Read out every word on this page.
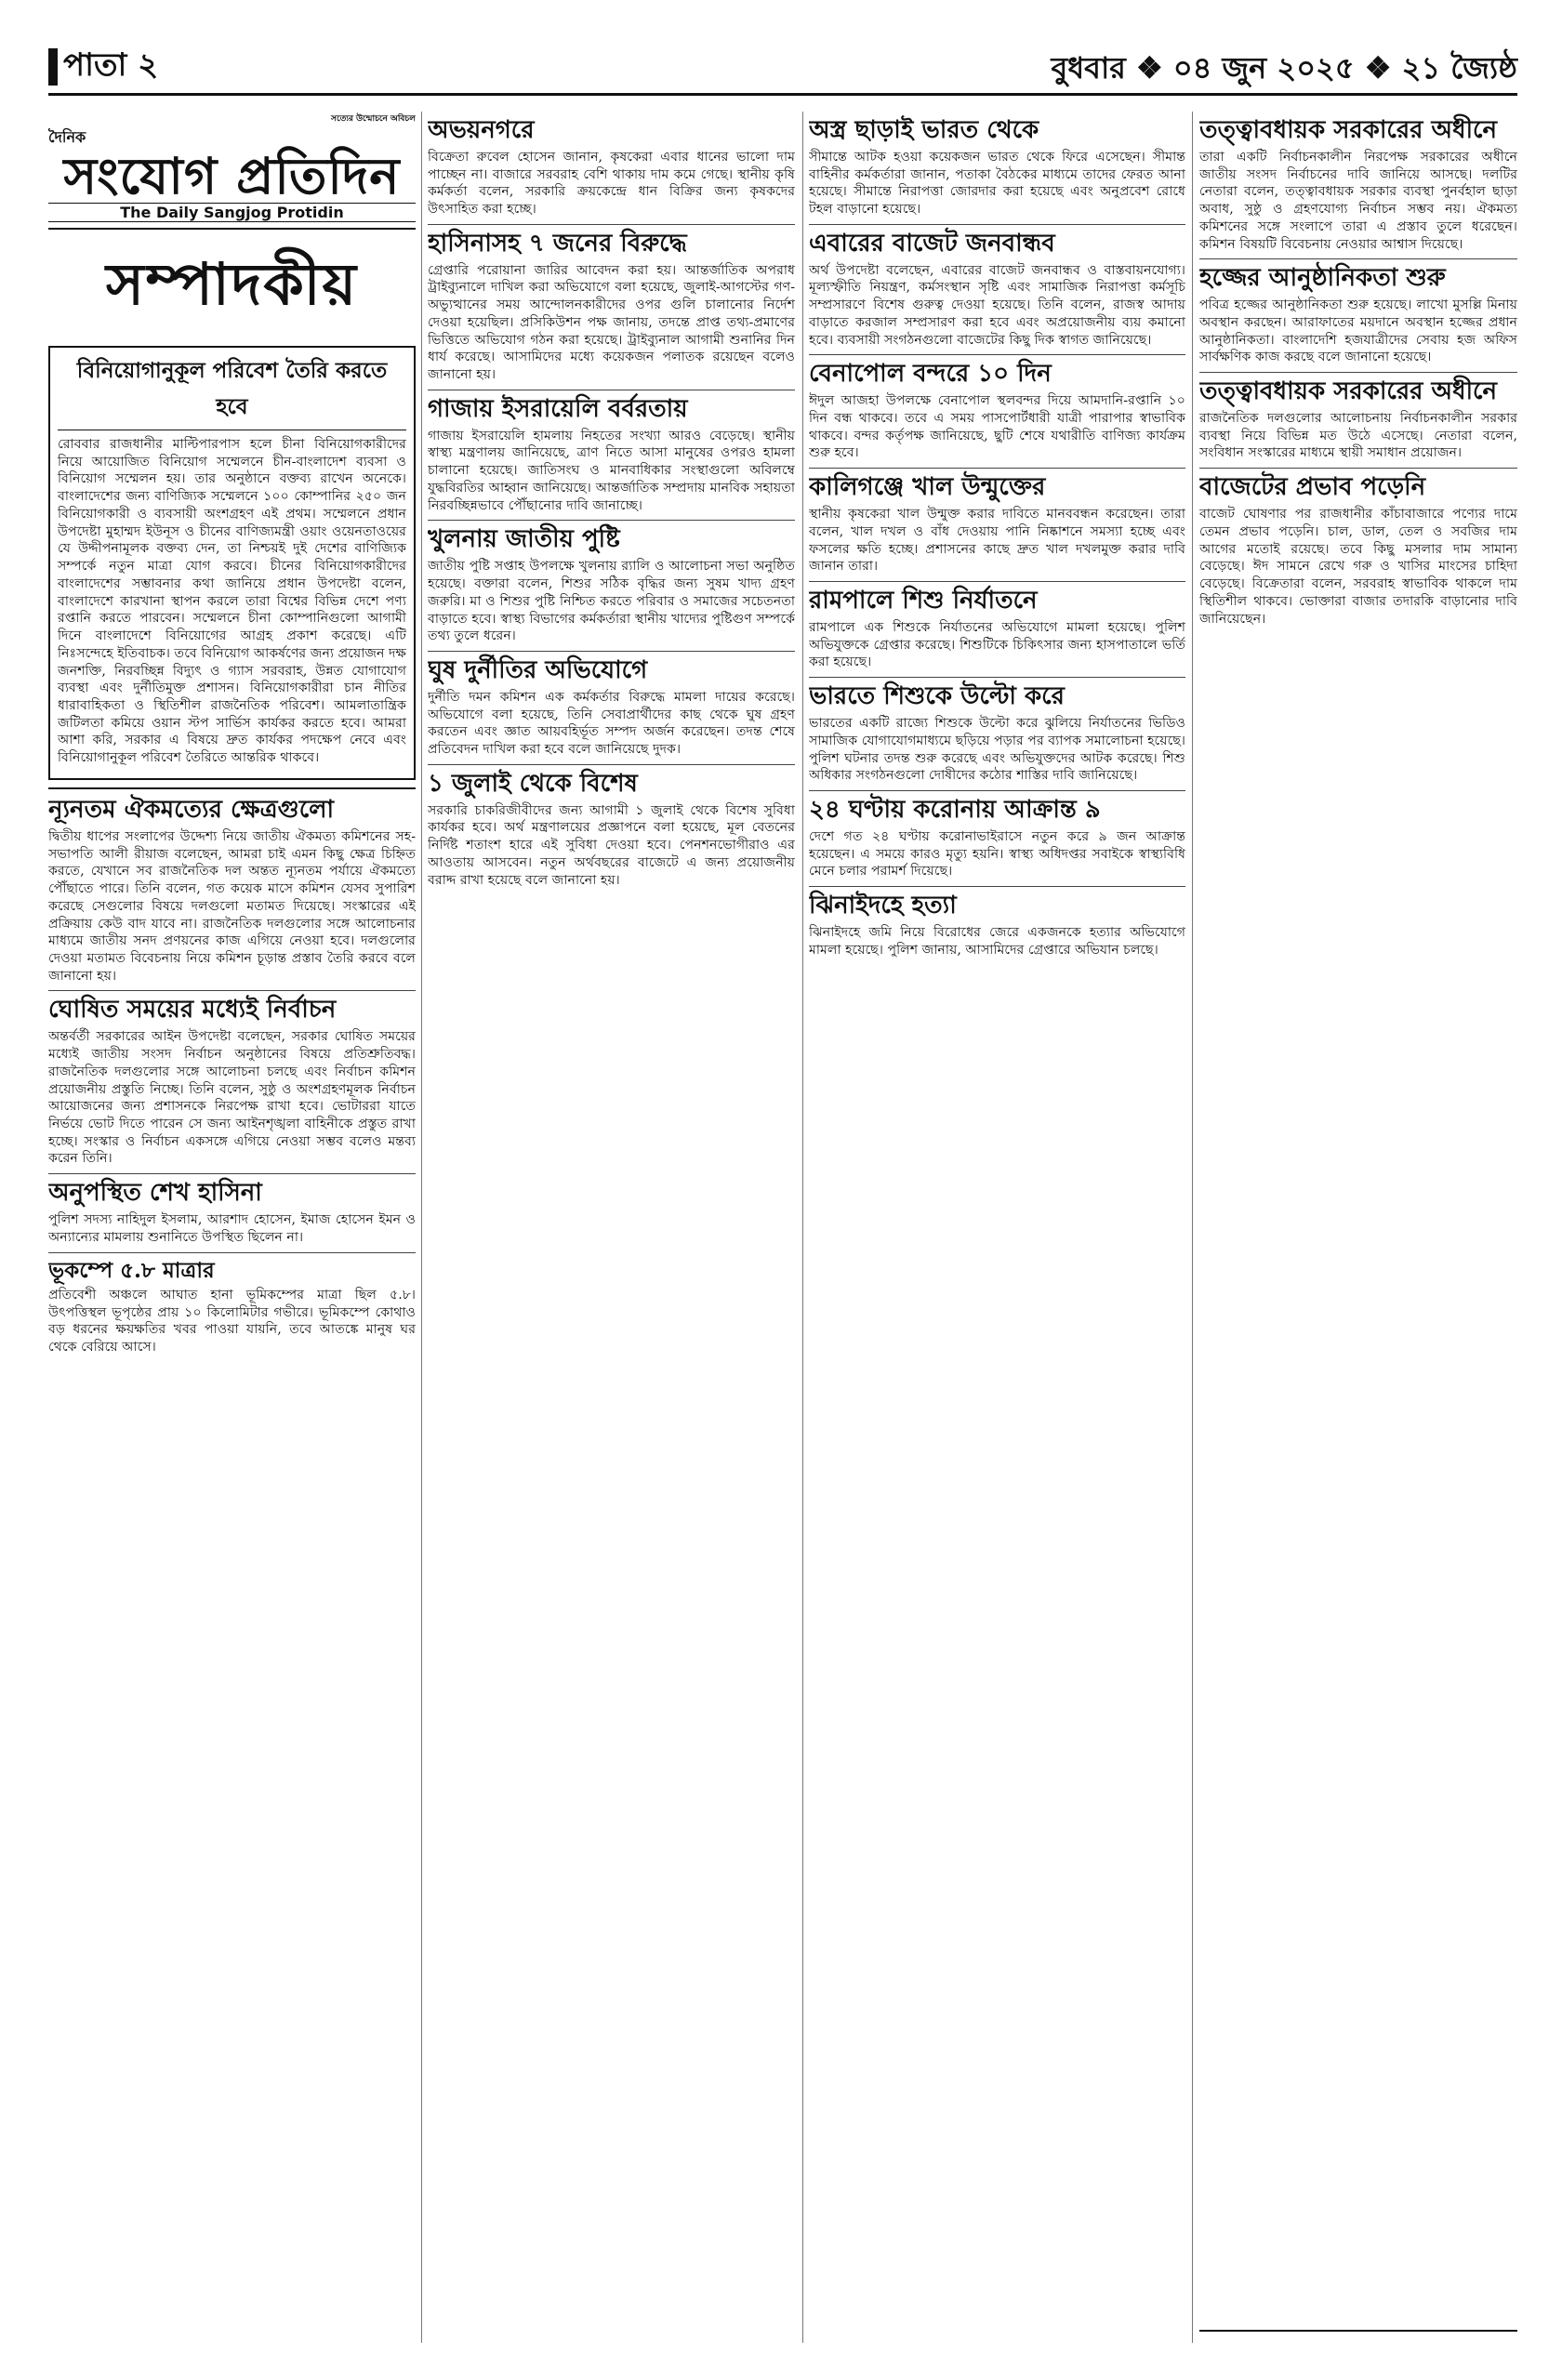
পাতা ২	বুধবার ❖ ০৪ জুন ২০২৫ ❖ ২১ জ্যৈষ্ঠ
সত্যের উন্মোচনে অবিচল
দৈনিক
সংযোগ প্রতিদিন
The Daily Sangjog Protidin
সম্পাদকীয়
বিনিয়োগানুকূল পরিবেশ তৈরি করতে হবে

রোববার রাজধানীর মাল্টিপারপাস হলে চীনা বিনিয়োগকারীদের নিয়ে আয়োজিত বিনিয়োগ সম্মেলনে চীন-বাংলাদেশ ব্যবসা ও বিনিয়োগ সম্মেলন হয়। তার অনুষ্ঠানে বক্তব্য রাখেন অনেকে। বাংলাদেশের জন্য বাণিজ্যিক সম্মেলনে ১০০ কোম্পানির ২৫০ জন বিনিয়োগকারী ও ব্যবসায়ী অংশগ্রহণ এই প্রথম। সম্মেলনে প্রধান উপদেষ্টা মুহাম্মদ ইউনূস ও চীনের বাণিজ্যমন্ত্রী ওয়াং ওয়েনতাওয়ের যে উদ্দীপনামূলক বক্তব্য দেন, তা নিশ্চয়ই দুই দেশের বাণিজ্যিক সম্পর্কে নতুন মাত্রা যোগ করবে। চীনের বিনিয়োগকারীদের বাংলাদেশের সম্ভাবনার কথা জানিয়ে প্রধান উপদেষ্টা বলেন, বাংলাদেশে কারখানা স্থাপন করলে তারা বিশ্বের বিভিন্ন দেশে পণ্য রপ্তানি করতে পারবেন। সম্মেলনে চীনা কোম্পানিগুলো আগামী দিনে বাংলাদেশে বিনিয়োগের আগ্রহ প্রকাশ করেছে। এটি নিঃসন্দেহে ইতিবাচক। তবে বিনিয়োগ আকর্ষণের জন্য প্রয়োজন দক্ষ জনশক্তি, নিরবচ্ছিন্ন বিদ্যুৎ ও গ্যাস সরবরাহ, উন্নত যোগাযোগ ব্যবস্থা এবং দুর্নীতিমুক্ত প্রশাসন। বিনিয়োগকারীরা চান নীতির ধারাবাহিকতা ও স্থিতিশীল রাজনৈতিক পরিবেশ। আমলাতান্ত্রিক জটিলতা কমিয়ে ওয়ান স্টপ সার্ভিস কার্যকর করতে হবে। আমরা আশা করি, সরকার এ বিষয়ে দ্রুত কার্যকর পদক্ষেপ নেবে এবং বিনিয়োগানুকূল পরিবেশ তৈরিতে আন্তরিক থাকবে।

ন্যূনতম ঐকমত্যের ক্ষেত্রগুলো

দ্বিতীয় ধাপের সংলাপের উদ্দেশ্য নিয়ে জাতীয় ঐকমত্য কমিশনের সহ-সভাপতি আলী রীয়াজ বলেছেন, আমরা চাই এমন কিছু ক্ষেত্র চিহ্নিত করতে, যেখানে সব রাজনৈতিক দল অন্তত ন্যূনতম পর্যায়ে ঐকমত্যে পৌঁছাতে পারে। তিনি বলেন, গত কয়েক মাসে কমিশন যেসব সুপারিশ করেছে সেগুলোর বিষয়ে দলগুলো মতামত দিয়েছে। সংস্কারের এই প্রক্রিয়ায় কেউ বাদ যাবে না। রাজনৈতিক দলগুলোর সঙ্গে আলোচনার মাধ্যমে জাতীয় সনদ প্রণয়নের কাজ এগিয়ে নেওয়া হবে। দলগুলোর দেওয়া মতামত বিবেচনায় নিয়ে কমিশন চূড়ান্ত প্রস্তাব তৈরি করবে বলে জানানো হয়।

ঘোষিত সময়ের মধ্যেই নির্বাচন

অন্তর্বর্তী সরকারের আইন উপদেষ্টা বলেছেন, সরকার ঘোষিত সময়ের মধ্যেই জাতীয় সংসদ নির্বাচন অনুষ্ঠানের বিষয়ে প্রতিশ্রুতিবদ্ধ। রাজনৈতিক দলগুলোর সঙ্গে আলোচনা চলছে এবং নির্বাচন কমিশন প্রয়োজনীয় প্রস্তুতি নিচ্ছে। তিনি বলেন, সুষ্ঠু ও অংশগ্রহণমূলক নির্বাচন আয়োজনের জন্য প্রশাসনকে নিরপেক্ষ রাখা হবে। ভোটাররা যাতে নির্ভয়ে ভোট দিতে পারেন সে জন্য আইনশৃঙ্খলা বাহিনীকে প্রস্তুত রাখা হচ্ছে। সংস্কার ও নির্বাচন একসঙ্গে এগিয়ে নেওয়া সম্ভব বলেও মন্তব্য করেন তিনি।

অনুপস্থিত শেখ হাসিনা

পুলিশ সদস্য নাহিদুল ইসলাম, আরশাদ হোসেন, ইমাজ হোসেন ইমন ও অন্যান্যের মামলায় শুনানিতে উপস্থিত ছিলেন না।

ভূকম্পে ৫.৮ মাত্রার

প্রতিবেশী অঞ্চলে আঘাত হানা ভূমিকম্পের মাত্রা ছিল ৫.৮। উৎপত্তিস্থল ভূপৃষ্ঠের প্রায় ১০ কিলোমিটার গভীরে। ভূমিকম্পে কোথাও বড় ধরনের ক্ষয়ক্ষতির খবর পাওয়া যায়নি, তবে আতঙ্কে মানুষ ঘর থেকে বেরিয়ে আসে।

অভয়নগরে

বিক্রেতা রুবেল হোসেন জানান, কৃষকেরা এবার ধানের ভালো দাম পাচ্ছেন না। বাজারে সরবরাহ বেশি থাকায় দাম কমে গেছে। স্থানীয় কৃষি কর্মকর্তা বলেন, সরকারি ক্রয়কেন্দ্রে ধান বিক্রির জন্য কৃষকদের উৎসাহিত করা হচ্ছে।

হাসিনাসহ ৭ জনের বিরুদ্ধে

গ্রেপ্তারি পরোয়ানা জারির আবেদন করা হয়। আন্তর্জাতিক অপরাধ ট্রাইব্যুনালে দাখিল করা অভিযোগে বলা হয়েছে, জুলাই-আগস্টের গণ-অভ্যুত্থানের সময় আন্দোলনকারীদের ওপর গুলি চালানোর নির্দেশ দেওয়া হয়েছিল। প্রসিকিউশন পক্ষ জানায়, তদন্তে প্রাপ্ত তথ্য-প্রমাণের ভিত্তিতে অভিযোগ গঠন করা হয়েছে। ট্রাইব্যুনাল আগামী শুনানির দিন ধার্য করেছে। আসামিদের মধ্যে কয়েকজন পলাতক রয়েছেন বলেও জানানো হয়।

গাজায় ইসরায়েলি বর্বরতায়

গাজায় ইসরায়েলি হামলায় নিহতের সংখ্যা আরও বেড়েছে। স্থানীয় স্বাস্থ্য মন্ত্রণালয় জানিয়েছে, ত্রাণ নিতে আসা মানুষের ওপরও হামলা চালানো হয়েছে। জাতিসংঘ ও মানবাধিকার সংস্থাগুলো অবিলম্বে যুদ্ধবিরতির আহ্বান জানিয়েছে। আন্তর্জাতিক সম্প্রদায় মানবিক সহায়তা নিরবচ্ছিন্নভাবে পৌঁছানোর দাবি জানাচ্ছে।

খুলনায় জাতীয় পুষ্টি

জাতীয় পুষ্টি সপ্তাহ উপলক্ষে খুলনায় র‌্যালি ও আলোচনা সভা অনুষ্ঠিত হয়েছে। বক্তারা বলেন, শিশুর সঠিক বৃদ্ধির জন্য সুষম খাদ্য গ্রহণ জরুরি। মা ও শিশুর পুষ্টি নিশ্চিত করতে পরিবার ও সমাজের সচেতনতা বাড়াতে হবে। স্বাস্থ্য বিভাগের কর্মকর্তারা স্থানীয় খাদ্যের পুষ্টিগুণ সম্পর্কে তথ্য তুলে ধরেন।

ঘুষ দুর্নীতির অভিযোগে

দুর্নীতি দমন কমিশন এক কর্মকর্তার বিরুদ্ধে মামলা দায়ের করেছে। অভিযোগে বলা হয়েছে, তিনি সেবাপ্রার্থীদের কাছ থেকে ঘুষ গ্রহণ করতেন এবং জ্ঞাত আয়বহির্ভূত সম্পদ অর্জন করেছেন। তদন্ত শেষে প্রতিবেদন দাখিল করা হবে বলে জানিয়েছে দুদক।

১ জুলাই থেকে বিশেষ

সরকারি চাকরিজীবীদের জন্য আগামী ১ জুলাই থেকে বিশেষ সুবিধা কার্যকর হবে। অর্থ মন্ত্রণালয়ের প্রজ্ঞাপনে বলা হয়েছে, মূল বেতনের নির্দিষ্ট শতাংশ হারে এই সুবিধা দেওয়া হবে। পেনশনভোগীরাও এর আওতায় আসবেন। নতুন অর্থবছরের বাজেটে এ জন্য প্রয়োজনীয় বরাদ্দ রাখা হয়েছে বলে জানানো হয়।

অস্ত্র ছাড়াই ভারত থেকে

সীমান্তে আটক হওয়া কয়েকজন ভারত থেকে ফিরে এসেছেন। সীমান্ত বাহিনীর কর্মকর্তারা জানান, পতাকা বৈঠকের মাধ্যমে তাদের ফেরত আনা হয়েছে। সীমান্তে নিরাপত্তা জোরদার করা হয়েছে এবং অনুপ্রবেশ রোধে টহল বাড়ানো হয়েছে।

এবারের বাজেট জনবান্ধব

অর্থ উপদেষ্টা বলেছেন, এবারের বাজেট জনবান্ধব ও বাস্তবায়নযোগ্য। মূল্যস্ফীতি নিয়ন্ত্রণ, কর্মসংস্থান সৃষ্টি এবং সামাজিক নিরাপত্তা কর্মসূচি সম্প্রসারণে বিশেষ গুরুত্ব দেওয়া হয়েছে। তিনি বলেন, রাজস্ব আদায় বাড়াতে করজাল সম্প্রসারণ করা হবে এবং অপ্রয়োজনীয় ব্যয় কমানো হবে। ব্যবসায়ী সংগঠনগুলো বাজেটের কিছু দিক স্বাগত জানিয়েছে।

বেনাপোল বন্দরে ১০ দিন

ঈদুল আজহা উপলক্ষে বেনাপোল স্থলবন্দর দিয়ে আমদানি-রপ্তানি ১০ দিন বন্ধ থাকবে। তবে এ সময় পাসপোর্টধারী যাত্রী পারাপার স্বাভাবিক থাকবে। বন্দর কর্তৃপক্ষ জানিয়েছে, ছুটি শেষে যথারীতি বাণিজ্য কার্যক্রম শুরু হবে।

কালিগঞ্জে খাল উন্মুক্তের

স্থানীয় কৃষকেরা খাল উন্মুক্ত করার দাবিতে মানববন্ধন করেছেন। তারা বলেন, খাল দখল ও বাঁধ দেওয়ায় পানি নিষ্কাশনে সমস্যা হচ্ছে এবং ফসলের ক্ষতি হচ্ছে। প্রশাসনের কাছে দ্রুত খাল দখলমুক্ত করার দাবি জানান তারা।

রামপালে শিশু নির্যাতনে

রামপালে এক শিশুকে নির্যাতনের অভিযোগে মামলা হয়েছে। পুলিশ অভিযুক্তকে গ্রেপ্তার করেছে। শিশুটিকে চিকিৎসার জন্য হাসপাতালে ভর্তি করা হয়েছে।

ভারতে শিশুকে উল্টো করে

ভারতের একটি রাজ্যে শিশুকে উল্টো করে ঝুলিয়ে নির্যাতনের ভিডিও সামাজিক যোগাযোগমাধ্যমে ছড়িয়ে পড়ার পর ব্যাপক সমালোচনা হয়েছে। পুলিশ ঘটনার তদন্ত শুরু করেছে এবং অভিযুক্তদের আটক করেছে। শিশু অধিকার সংগঠনগুলো দোষীদের কঠোর শাস্তির দাবি জানিয়েছে।

২৪ ঘণ্টায় করোনায় আক্রান্ত ৯

দেশে গত ২৪ ঘণ্টায় করোনাভাইরাসে নতুন করে ৯ জন আক্রান্ত হয়েছেন। এ সময়ে কারও মৃত্যু হয়নি। স্বাস্থ্য অধিদপ্তর সবাইকে স্বাস্থ্যবিধি মেনে চলার পরামর্শ দিয়েছে।

ঝিনাইদহে হত্যা

ঝিনাইদহে জমি নিয়ে বিরোধের জেরে একজনকে হত্যার অভিযোগে মামলা হয়েছে। পুলিশ জানায়, আসামিদের গ্রেপ্তারে অভিযান চলছে।

তত্ত্বাবধায়ক সরকারের অধীনে

তারা একটি নির্বাচনকালীন নিরপেক্ষ সরকারের অধীনে জাতীয় সংসদ নির্বাচনের দাবি জানিয়ে আসছে। দলটির নেতারা বলেন, তত্ত্বাবধায়ক সরকার ব্যবস্থা পুনর্বহাল ছাড়া অবাধ, সুষ্ঠু ও গ্রহণযোগ্য নির্বাচন সম্ভব নয়। ঐকমত্য কমিশনের সঙ্গে সংলাপে তারা এ প্রস্তাব তুলে ধরেছেন। কমিশন বিষয়টি বিবেচনায় নেওয়ার আশ্বাস দিয়েছে।

হজ্জের আনুষ্ঠানিকতা শুরু

পবিত্র হজ্জের আনুষ্ঠানিকতা শুরু হয়েছে। লাখো মুসল্লি মিনায় অবস্থান করছেন। আরাফাতের ময়দানে অবস্থান হজ্জের প্রধান আনুষ্ঠানিকতা। বাংলাদেশি হজযাত্রীদের সেবায় হজ অফিস সার্বক্ষণিক কাজ করছে বলে জানানো হয়েছে।

তত্ত্বাবধায়ক সরকারের অধীনে

রাজনৈতিক দলগুলোর আলোচনায় নির্বাচনকালীন সরকার ব্যবস্থা নিয়ে বিভিন্ন মত উঠে এসেছে। নেতারা বলেন, সংবিধান সংস্কারের মাধ্যমে স্থায়ী সমাধান প্রয়োজন।

বাজেটের প্রভাব পড়েনি

বাজেট ঘোষণার পর রাজধানীর কাঁচাবাজারে পণ্যের দামে তেমন প্রভাব পড়েনি। চাল, ডাল, তেল ও সবজির দাম আগের মতোই রয়েছে। তবে কিছু মসলার দাম সামান্য বেড়েছে। ঈদ সামনে রেখে গরু ও খাসির মাংসের চাহিদা বেড়েছে। বিক্রেতারা বলেন, সরবরাহ স্বাভাবিক থাকলে দাম স্থিতিশীল থাকবে। ভোক্তারা বাজার তদারকি বাড়ানোর দাবি জানিয়েছেন।
